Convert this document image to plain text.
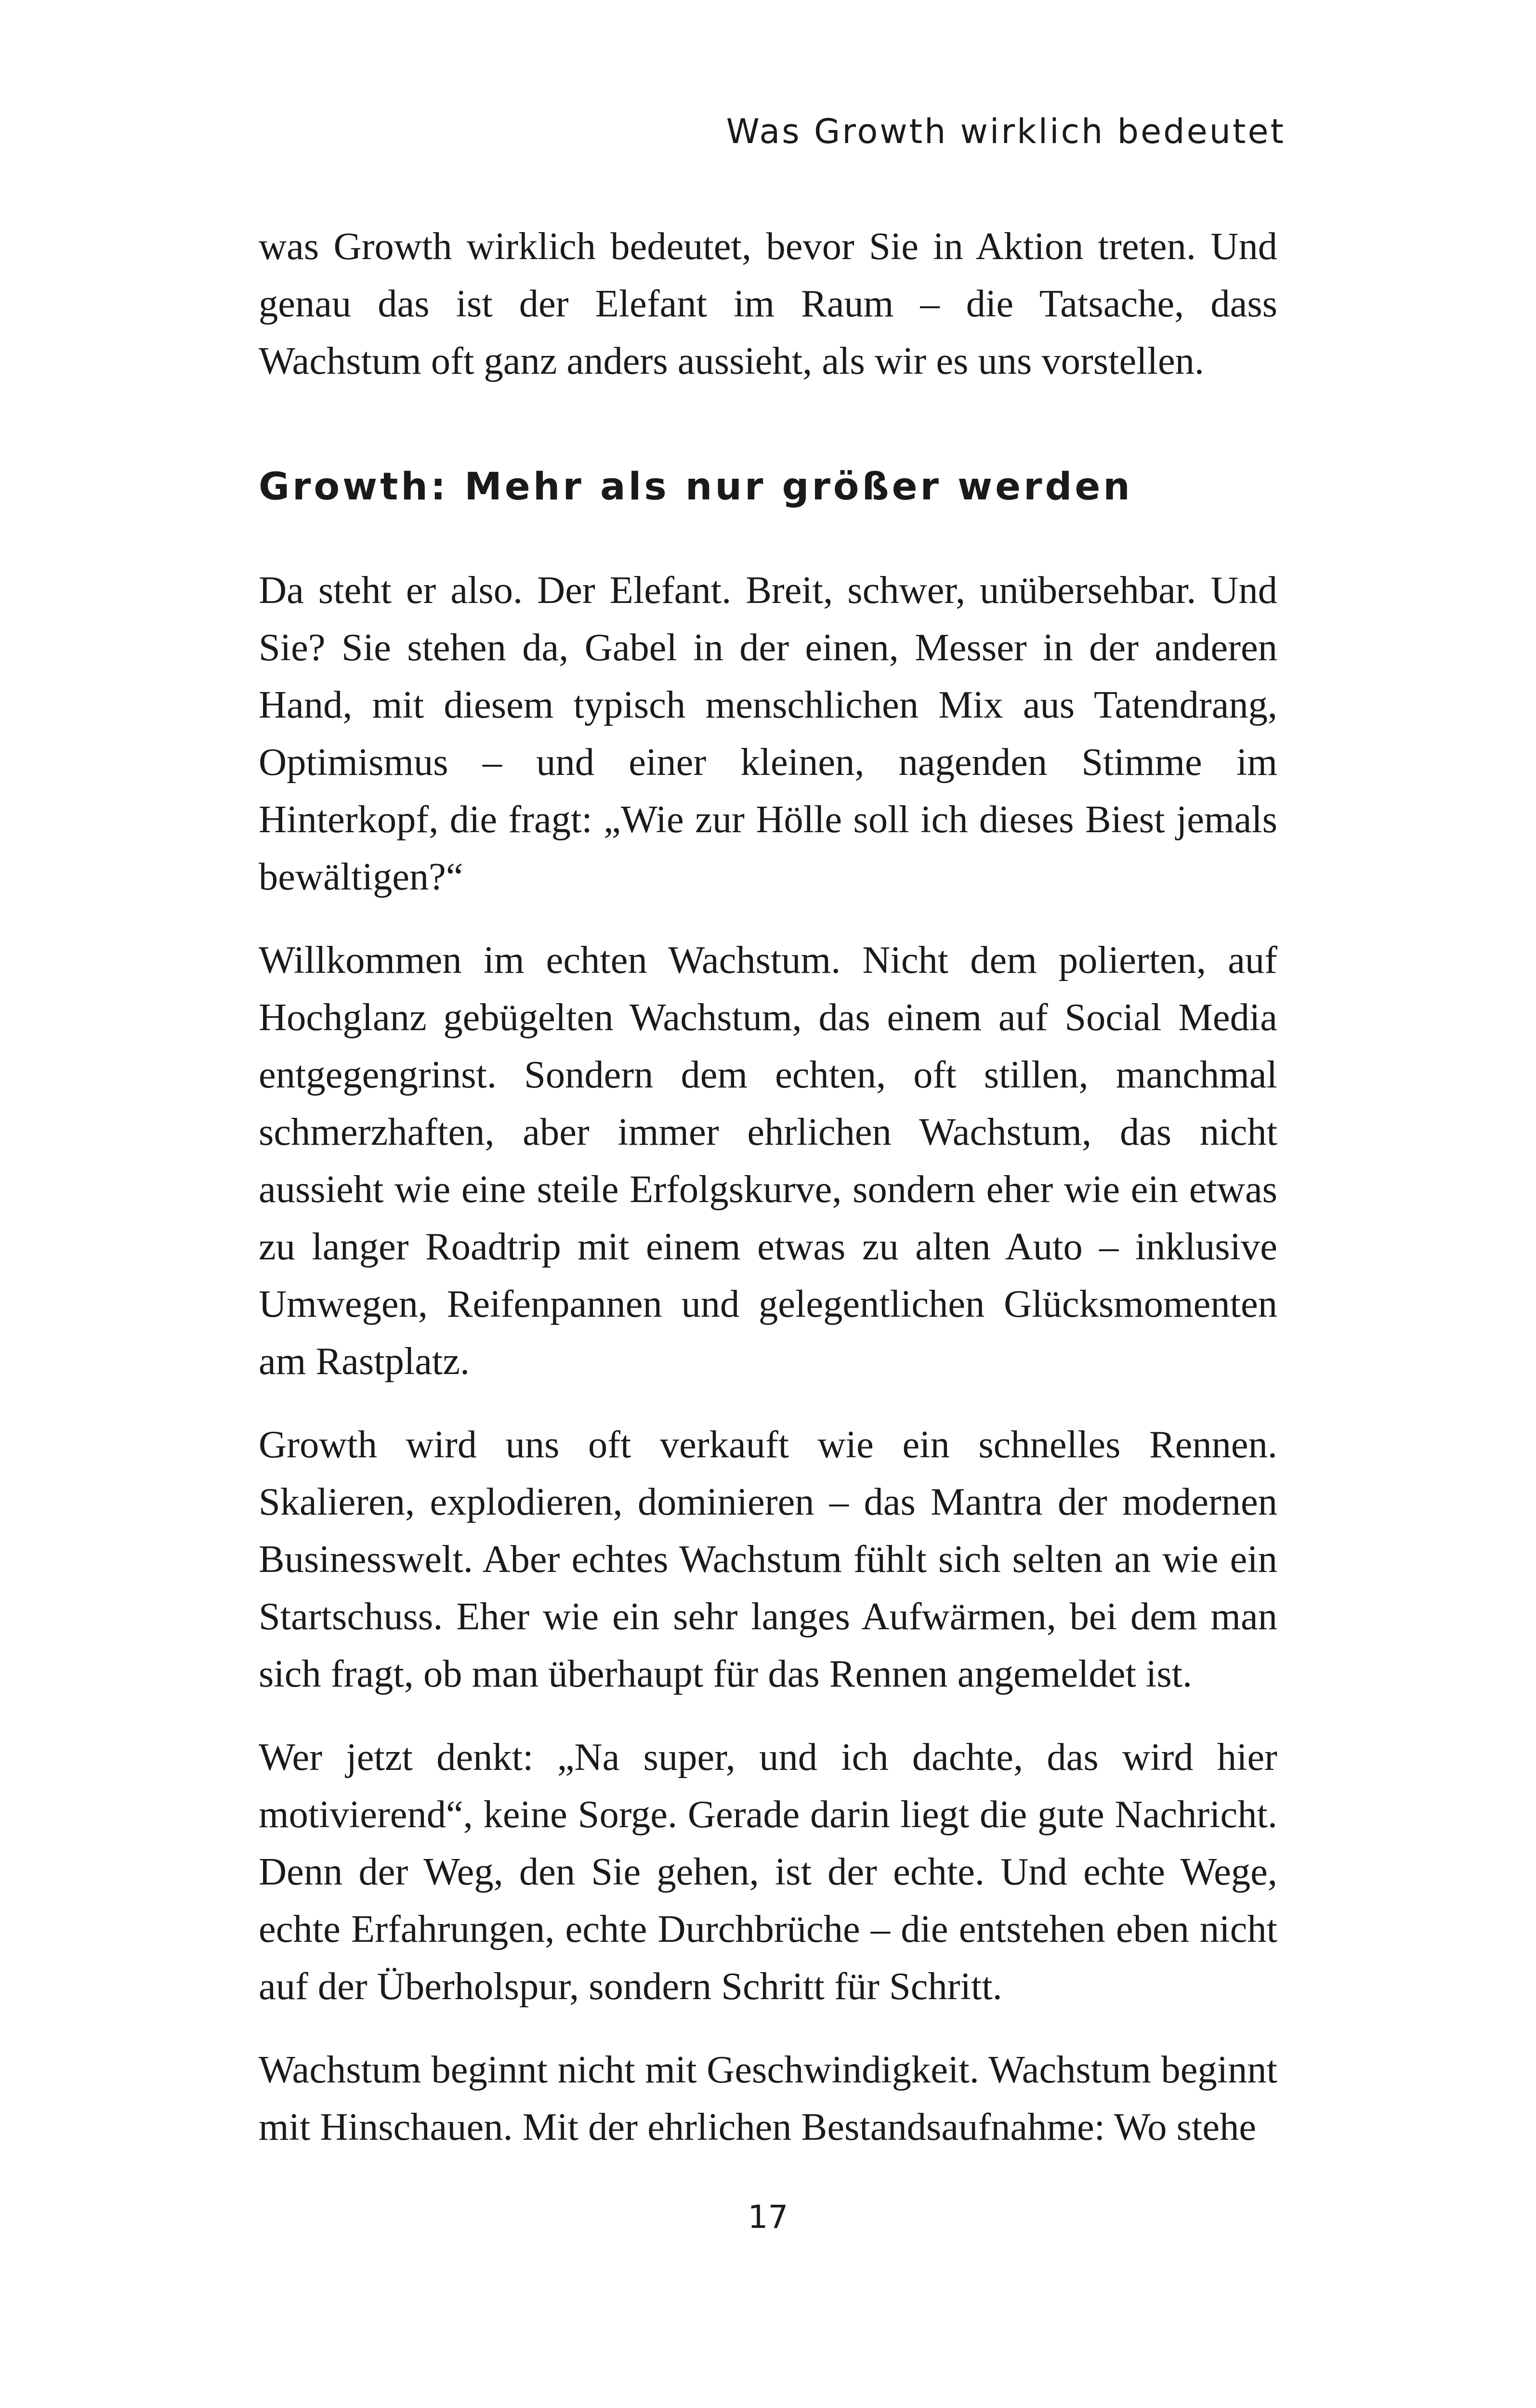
Was Growth wirklich bedeutet

was Growth wirklich bedeutet, bevor Sie in Aktion treten. Und genau das ist der Elefant im Raum – die Tatsache, dass Wachstum oft ganz anders aussieht, als wir es uns vorstellen.

Growth: Mehr als nur größer werden

Da steht er also. Der Elefant. Breit, schwer, unübersehbar. Und Sie? Sie stehen da, Gabel in der einen, Messer in der anderen Hand, mit diesem typisch menschlichen Mix aus Tatendrang, Optimismus – und einer kleinen, nagenden Stimme im Hinterkopf, die fragt: „Wie zur Hölle soll ich dieses Biest jemals bewältigen?“

Willkommen im echten Wachstum. Nicht dem polierten, auf Hochglanz gebügelten Wachstum, das einem auf Social Media entgegengrinst. Sondern dem echten, oft stillen, manchmal schmerzhaften, aber immer ehrlichen Wachstum, das nicht aussieht wie eine steile Erfolgskurve, sondern eher wie ein etwas zu langer Roadtrip mit einem etwas zu alten Auto – inklusive Umwegen, Reifenpannen und gelegentlichen Glücksmomenten am Rastplatz.

Growth wird uns oft verkauft wie ein schnelles Rennen. Skalieren, explodieren, dominieren – das Mantra der modernen Businesswelt. Aber echtes Wachstum fühlt sich selten an wie ein Startschuss. Eher wie ein sehr langes Aufwärmen, bei dem man sich fragt, ob man überhaupt für das Rennen angemeldet ist.

Wer jetzt denkt: „Na super, und ich dachte, das wird hier motivierend“, keine Sorge. Gerade darin liegt die gute Nachricht. Denn der Weg, den Sie gehen, ist der echte. Und echte Wege, echte Erfahrungen, echte Durchbrüche – die entstehen eben nicht auf der Überholspur, sondern Schritt für Schritt.

Wachstum beginnt nicht mit Geschwindigkeit. Wachstum beginnt mit Hinschauen. Mit der ehrlichen Bestandsaufnahme: Wo stehe

17
